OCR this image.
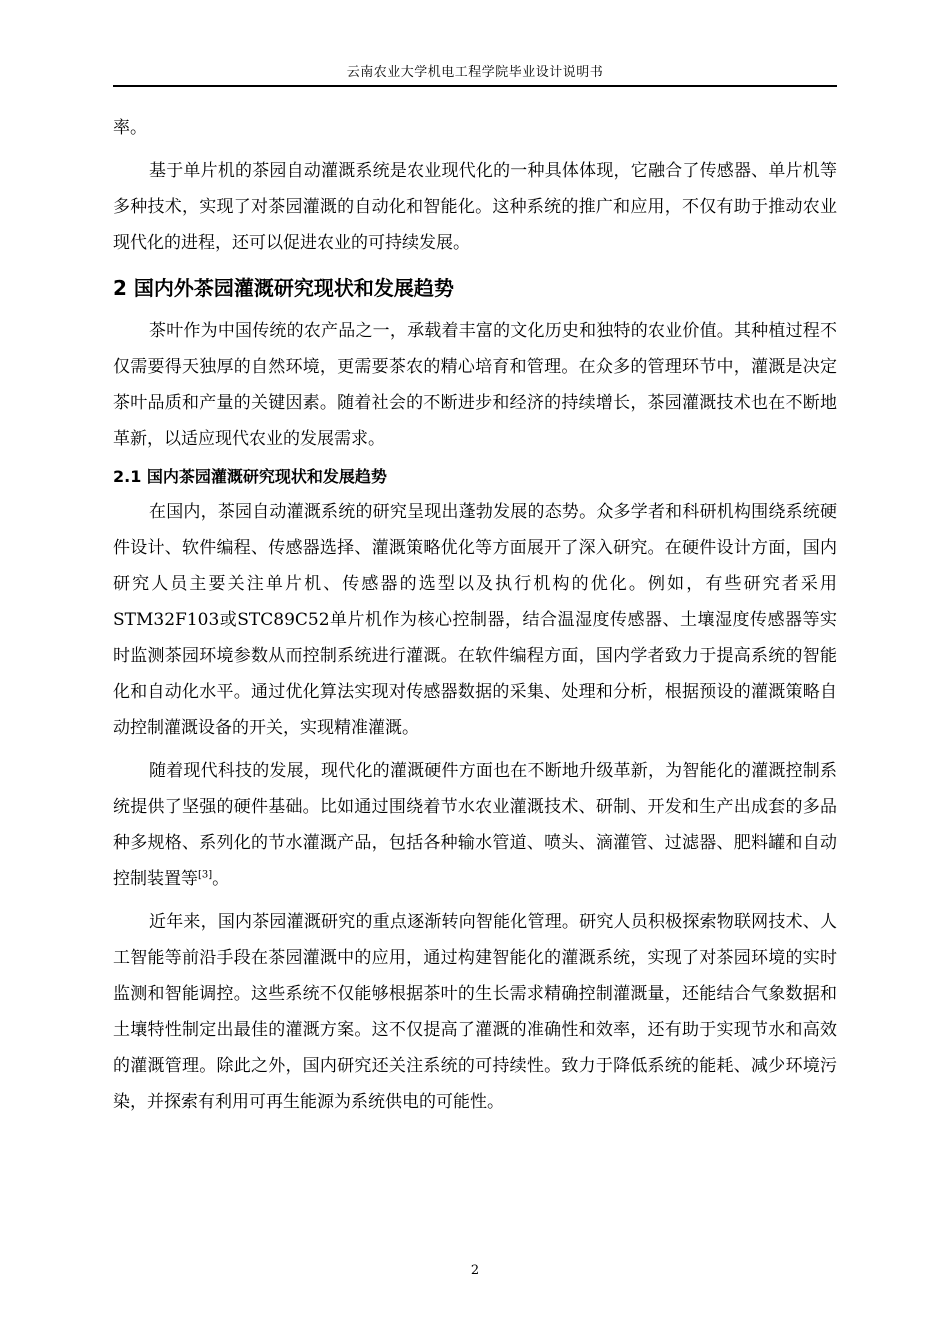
云南农业大学机电工程学院毕业设计说明书

率。

基于单片机的茶园自动灌溉系统是农业现代化的一种具体体现，它融合了传感器、单片机等多种技术，实现了对茶园灌溉的自动化和智能化。这种系统的推广和应用，不仅有助于推动农业现代化的进程，还可以促进农业的可持续发展。

2 国内外茶园灌溉研究现状和发展趋势

茶叶作为中国传统的农产品之一，承载着丰富的文化历史和独特的农业价值。其种植过程不仅需要得天独厚的自然环境，更需要茶农的精心培育和管理。在众多的管理环节中，灌溉是决定茶叶品质和产量的关键因素。随着社会的不断进步和经济的持续增长，茶园灌溉技术也在不断地革新，以适应现代农业的发展需求。

2.1 国内茶园灌溉研究现状和发展趋势

在国内，茶园自动灌溉系统的研究呈现出蓬勃发展的态势。众多学者和科研机构围绕系统硬件设计、软件编程、传感器选择、灌溉策略优化等方面展开了深入研究。在硬件设计方面，国内研究人员主要关注单片机、传感器的选型以及执行机构的优化。例如，有些研究者采用STM32F103或STC89C52单片机作为核心控制器，结合温湿度传感器、土壤湿度传感器等实时监测茶园环境参数从而控制系统进行灌溉。在软件编程方面，国内学者致力于提高系统的智能化和自动化水平。通过优化算法实现对传感器数据的采集、处理和分析，根据预设的灌溉策略自动控制灌溉设备的开关，实现精准灌溉。

随着现代科技的发展，现代化的灌溉硬件方面也在不断地升级革新，为智能化的灌溉控制系统提供了坚强的硬件基础。比如通过围绕着节水农业灌溉技术、研制、开发和生产出成套的多品种多规格、系列化的节水灌溉产品，包括各种输水管道、喷头、滴灌管、过滤器、肥料罐和自动控制装置等[3]。

近年来，国内茶园灌溉研究的重点逐渐转向智能化管理。研究人员积极探索物联网技术、人工智能等前沿手段在茶园灌溉中的应用，通过构建智能化的灌溉系统，实现了对茶园环境的实时监测和智能调控。这些系统不仅能够根据茶叶的生长需求精确控制灌溉量，还能结合气象数据和土壤特性制定出最佳的灌溉方案。这不仅提高了灌溉的准确性和效率，还有助于实现节水和高效的灌溉管理。除此之外，国内研究还关注系统的可持续性。致力于降低系统的能耗、减少环境污染，并探索有利用可再生能源为系统供电的可能性。

2
